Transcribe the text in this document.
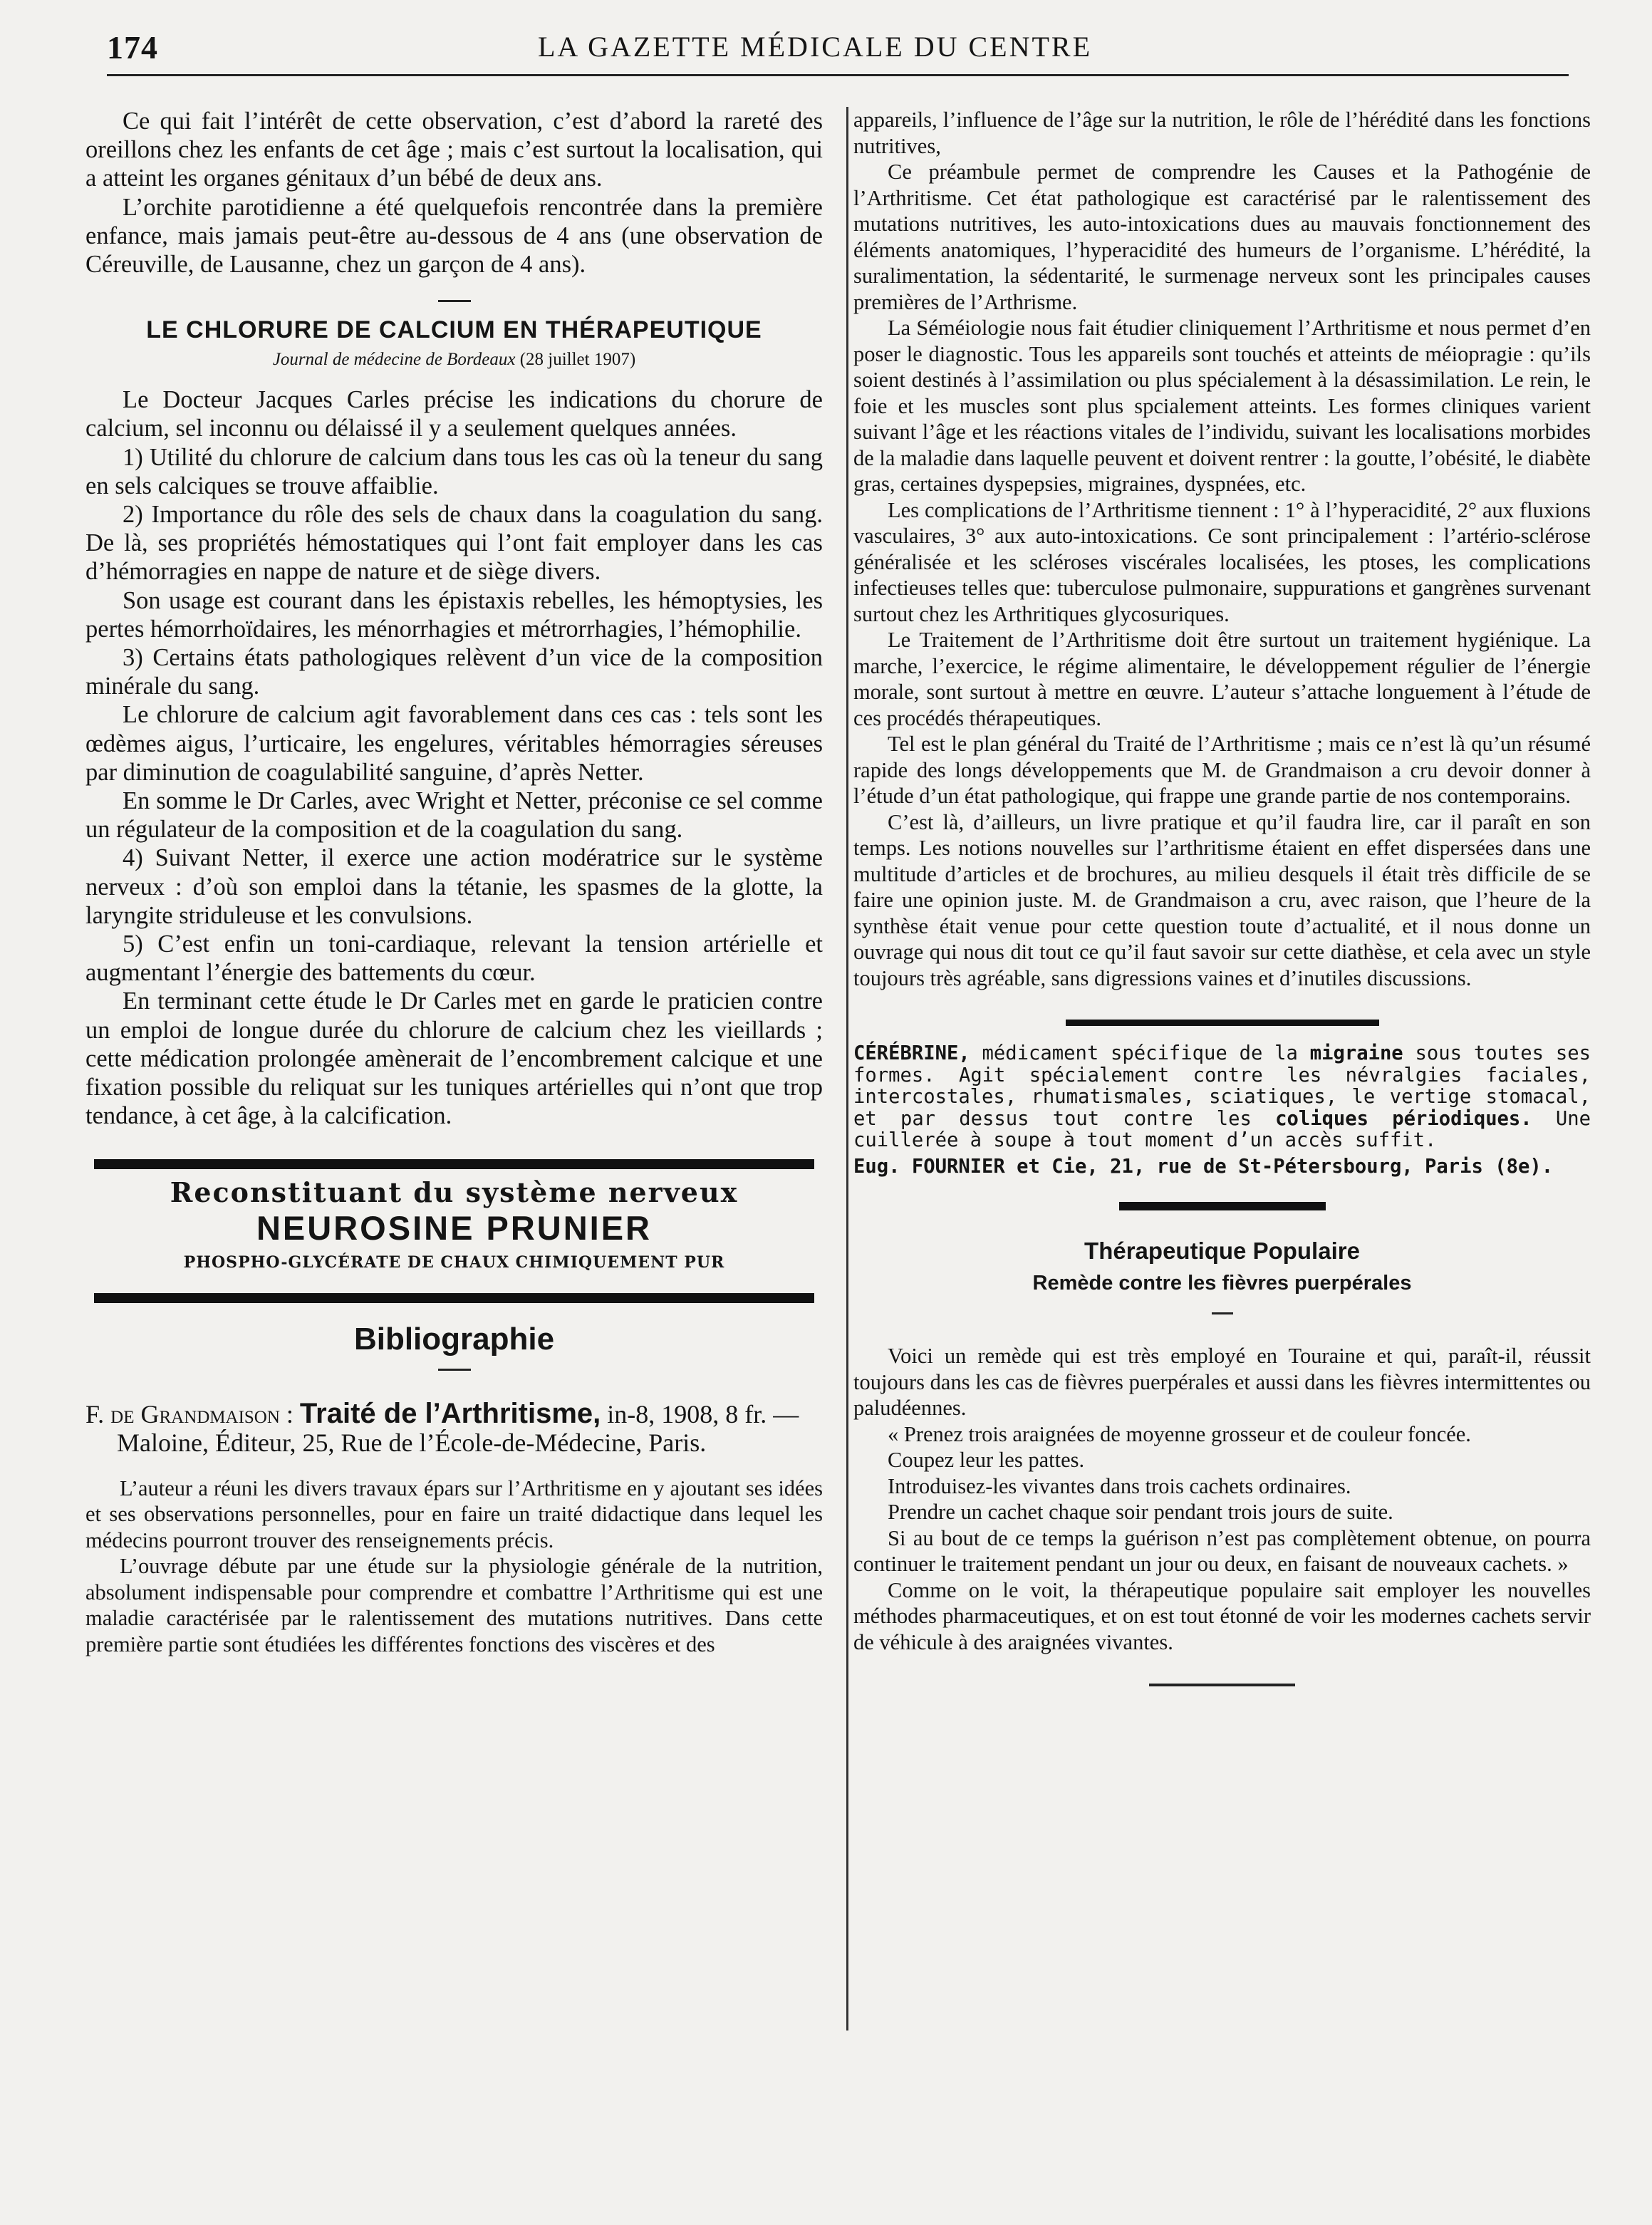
174	LA GAZETTE MÉDICALE DU CENTRE

Ce qui fait l’intérêt de cette observation, c’est d’abord la rareté des oreillons chez les enfants de cet âge ; mais c’est surtout la localisation, qui a atteint les organes génitaux d’un bébé de deux ans.

L’orchite parotidienne a été quelquefois rencontrée dans la première enfance, mais jamais peut-être au-dessous de 4 ans (une observation de Céreuville, de Lausanne, chez un garçon de 4 ans).

LE CHLORURE DE CALCIUM EN THÉRAPEUTIQUE

Journal de médecine de Bordeaux (28 juillet 1907)

Le Docteur Jacques Carles précise les indications du chorure de calcium, sel inconnu ou délaissé il y a seulement quelques années.

1) Utilité du chlorure de calcium dans tous les cas où la teneur du sang en sels calciques se trouve affaiblie.

2) Importance du rôle des sels de chaux dans la coagulation du sang. De là, ses propriétés hémostatiques qui l’ont fait employer dans les cas d’hémorragies en nappe de nature et de siège divers.

Son usage est courant dans les épistaxis rebelles, les hémoptysies, les pertes hémorrhoïdaires, les ménorrhagies et métrorrhagies, l’hémophilie.

3) Certains états pathologiques relèvent d’un vice de la composition minérale du sang.

Le chlorure de calcium agit favorablement dans ces cas : tels sont les œdèmes aigus, l’urticaire, les engelures, véritables hémorragies séreuses par diminution de coagulabilité sanguine, d’après Netter.

En somme le Dr Carles, avec Wright et Netter, préconise ce sel comme un régulateur de la composition et de la coagulation du sang.

4) Suivant Netter, il exerce une action modératrice sur le système nerveux : d’où son emploi dans la tétanie, les spasmes de la glotte, la laryngite striduleuse et les convulsions.

5) C’est enfin un toni-cardiaque, relevant la tension artérielle et augmentant l’énergie des battements du cœur.

En terminant cette étude le Dr Carles met en garde le praticien contre un emploi de longue durée du chlorure de calcium chez les vieillards ; cette médication prolongée amènerait de l’encombrement calcique et une fixation possible du reliquat sur les tuniques artérielles qui n’ont que trop tendance, à cet âge, à la calcification.

Reconstituant du système nerveux

NEUROSINE PRUNIER

PHOSPHO-GLYCÉRATE DE CHAUX CHIMIQUEMENT PUR

Bibliographie

F. de Grandmaison : Traité de l’Arthritisme, in-8, 1908, 8 fr. — Maloine, Éditeur, 25, Rue de l’École-de-Médecine, Paris.

L’auteur a réuni les divers travaux épars sur l’Arthritisme en y ajoutant ses idées et ses observations personnelles, pour en faire un traité didactique dans lequel les médecins pourront trouver des renseignements précis.

L’ouvrage débute par une étude sur la physiologie générale de la nutrition, absolument indispensable pour comprendre et combattre l’Arthritisme qui est une maladie caractérisée par le ralentissement des mutations nutritives. Dans cette première partie sont étudiées les différentes fonctions des viscères et des

appareils, l’influence de l’âge sur la nutrition, le rôle de l’hérédité dans les fonctions nutritives,

Ce préambule permet de comprendre les Causes et la Pathogénie de l’Arthritisme. Cet état pathologique est caractérisé par le ralentissement des mutations nutritives, les auto-intoxications dues au mauvais fonctionnement des éléments anatomiques, l’hyperacidité des humeurs de l’organisme. L’hérédité, la suralimentation, la sédentarité, le surmenage nerveux sont les principales causes premières de l’Arthrisme.

La Séméiologie nous fait étudier cliniquement l’Arthritisme et nous permet d’en poser le diagnostic. Tous les appareils sont touchés et atteints de méiopragie : qu’ils soient destinés à l’assimilation ou plus spécialement à la désassimilation. Le rein, le foie et les muscles sont plus spcialement atteints. Les formes cliniques varient suivant l’âge et les réactions vitales de l’individu, suivant les localisations morbides de la maladie dans laquelle peuvent et doivent rentrer : la goutte, l’obésité, le diabète gras, certaines dyspepsies, migraines, dyspnées, etc.

Les complications de l’Arthritisme tiennent : 1° à l’hyperacidité, 2° aux fluxions vasculaires, 3° aux auto-intoxications. Ce sont principalement : l’artério-sclérose généralisée et les scléroses viscérales localisées, les ptoses, les complications infectieuses telles que: tuberculose pulmonaire, suppurations et gangrènes survenant surtout chez les Arthritiques glycosuriques.

Le Traitement de l’Arthritisme doit être surtout un traitement hygiénique. La marche, l’exercice, le régime alimentaire, le développement régulier de l’énergie morale, sont surtout à mettre en œuvre. L’auteur s’attache longuement à l’étude de ces procédés thérapeutiques.

Tel est le plan général du Traité de l’Arthritisme ; mais ce n’est là qu’un résumé rapide des longs développements que M. de Grandmaison a cru devoir donner à l’étude d’un état pathologique, qui frappe une grande partie de nos contemporains.

C’est là, d’ailleurs, un livre pratique et qu’il faudra lire, car il paraît en son temps. Les notions nouvelles sur l’arthritisme étaient en effet dispersées dans une multitude d’articles et de brochures, au milieu desquels il était très difficile de se faire une opinion juste. M. de Grandmaison a cru, avec raison, que l’heure de la synthèse était venue pour cette question toute d’actualité, et il nous donne un ouvrage qui nous dit tout ce qu’il faut savoir sur cette diathèse, et cela avec un style toujours très agréable, sans digressions vaines et d’inutiles discussions.

CÉRÉBRINE, médicament spécifique de la migraine sous toutes ses formes. Agit spécialement contre les névralgies faciales, intercostales, rhumatismales, sciatiques, le vertige stomacal, et par dessus tout contre les coliques périodiques. Une cuillerée à soupe à tout moment d’un accès suffit.

Eug. FOURNIER et Cie, 21, rue de St-Pétersbourg, Paris (8e).

Thérapeutique Populaire

Remède contre les fièvres puerpérales

Voici un remède qui est très employé en Touraine et qui, paraît-il, réussit toujours dans les cas de fièvres puerpérales et aussi dans les fièvres intermittentes ou paludéennes.

« Prenez trois araignées de moyenne grosseur et de couleur foncée.

Coupez leur les pattes.

Introduisez-les vivantes dans trois cachets ordinaires.

Prendre un cachet chaque soir pendant trois jours de suite.

Si au bout de ce temps la guérison n’est pas complètement obtenue, on pourra continuer le traitement pendant un jour ou deux, en faisant de nouveaux cachets. »

Comme on le voit, la thérapeutique populaire sait employer les nouvelles méthodes pharmaceutiques, et on est tout étonné de voir les modernes cachets servir de véhicule à des araignées vivantes.
